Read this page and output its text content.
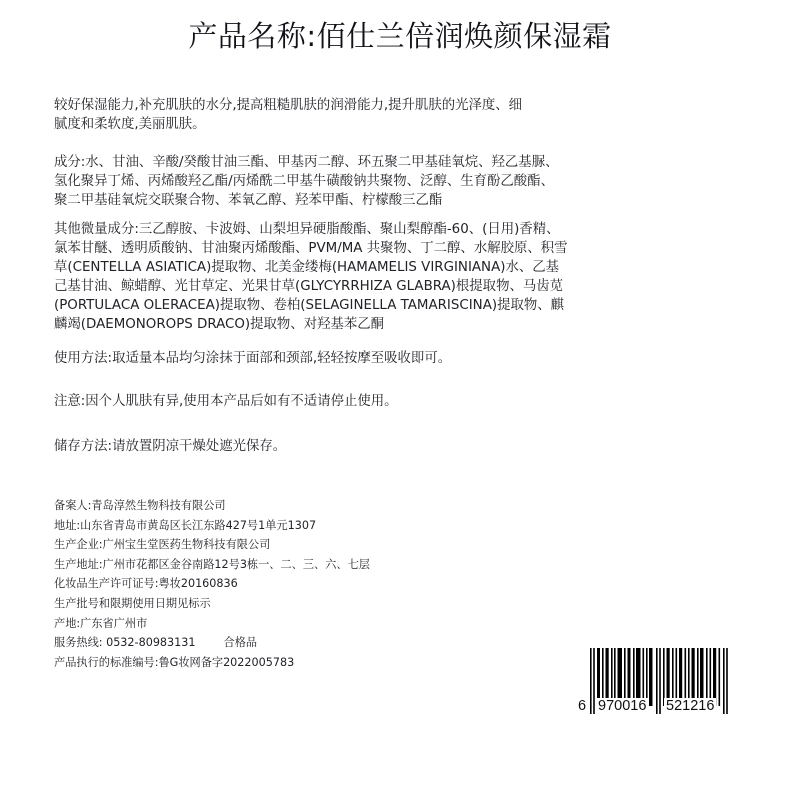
产品名称:佰仕兰倍润焕颜保湿霜

较好保湿能力,补充肌肤的水分,提高粗糙肌肤的润滑能力,提升肌肤的光泽度、细

腻度和柔软度,美丽肌肤。

成分:水、甘油、辛酸/癸酸甘油三酯、甲基丙二醇、环五聚二甲基硅氧烷、羟乙基脲、

氢化聚异丁烯、丙烯酸羟乙酯/丙烯酰二甲基牛磺酸钠共聚物、泛醇、生育酚乙酸酯、

聚二甲基硅氧烷交联聚合物、苯氧乙醇、羟苯甲酯、柠檬酸三乙酯

其他微量成分:三乙醇胺、卡波姆、山梨坦异硬脂酸酯、聚山梨醇酯-60、(日用)香精、

氯苯甘醚、透明质酸钠、甘油聚丙烯酸酯、PVM/MA 共聚物、丁二醇、水解胶原、积雪

草(CENTELLA ASIATICA)提取物、北美金缕梅(HAMAMELIS VIRGINIANA)水、乙基

己基甘油、鲸蜡醇、光甘草定、光果甘草(GLYCYRRHIZA GLABRA)根提取物、马齿苋

(PORTULACA OLERACEA)提取物、卷柏(SELAGINELLA TAMARISCINA)提取物、麒

麟竭(DAEMONOROPS DRACO)提取物、对羟基苯乙酮

使用方法:取适量本品均匀涂抹于面部和颈部,轻轻按摩至吸收即可。

注意:因个人肌肤有异,使用本产品后如有不适请停止使用。

储存方法:请放置阴凉干燥处遮光保存。

备案人:青岛淳然生物科技有限公司
地址:山东省青岛市黄岛区长江东路427号1单元1307
生产企业:广州宝生堂医药生物科技有限公司
生产地址:广州市花都区金谷南路12号3栋一、二、三、六、七层
化妆品生产许可证号:粤妆20160836
生产批号和限期使用日期见标示
产地:广东省广州市
服务热线: 0532-80983131	合格品
产品执行的标准编号:鲁G妆网备字2022005783
6 970016 521216
